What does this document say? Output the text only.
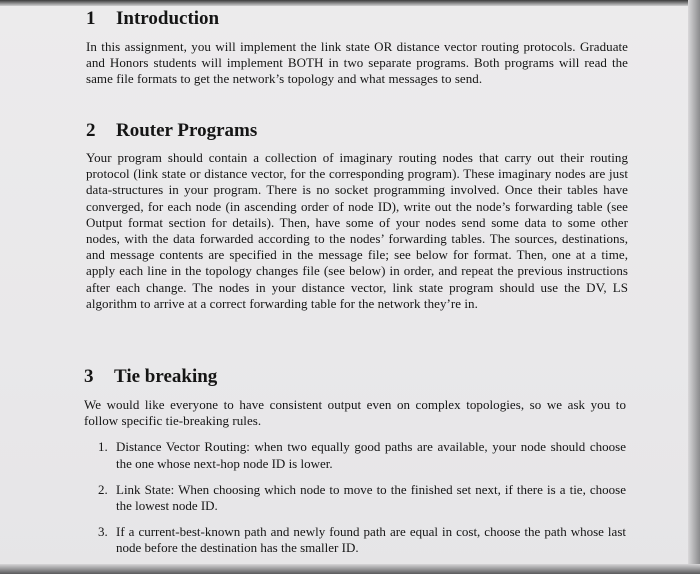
1 Introduction

In this assignment, you will implement the link state OR distance vector routing protocols. Graduate and Honors students will implement BOTH in two separate programs. Both programs will read the same file formats to get the network’s topology and what messages to send.

2 Router Programs

Your program should contain a collection of imaginary routing nodes that carry out their routing protocol (link state or distance vector, for the corresponding program). These imaginary nodes are just data-structures in your program. There is no socket programming involved. Once their tables have converged, for each node (in ascending order of node ID), write out the node’s forwarding table (see Output format section for details). Then, have some of your nodes send some data to some other nodes, with the data forwarded according to the nodes’ forwarding tables. The sources, destinations, and message contents are specified in the message file; see below for format. Then, one at a time, apply each line in the topology changes file (see below) in order, and repeat the previous instructions after each change. The nodes in your distance vector, link state program should use the DV, LS algorithm to arrive at a correct forwarding table for the network they’re in.

3 Tie breaking

We would like everyone to have consistent output even on complex topologies, so we ask you to follow specific tie-breaking rules.

1. Distance Vector Routing: when two equally good paths are available, your node should choose the one whose next-hop node ID is lower.
2. Link State: When choosing which node to move to the finished set next, if there is a tie, choose the lowest node ID.
3. If a current-best-known path and newly found path are equal in cost, choose the path whose last node before the destination has the smaller ID.
